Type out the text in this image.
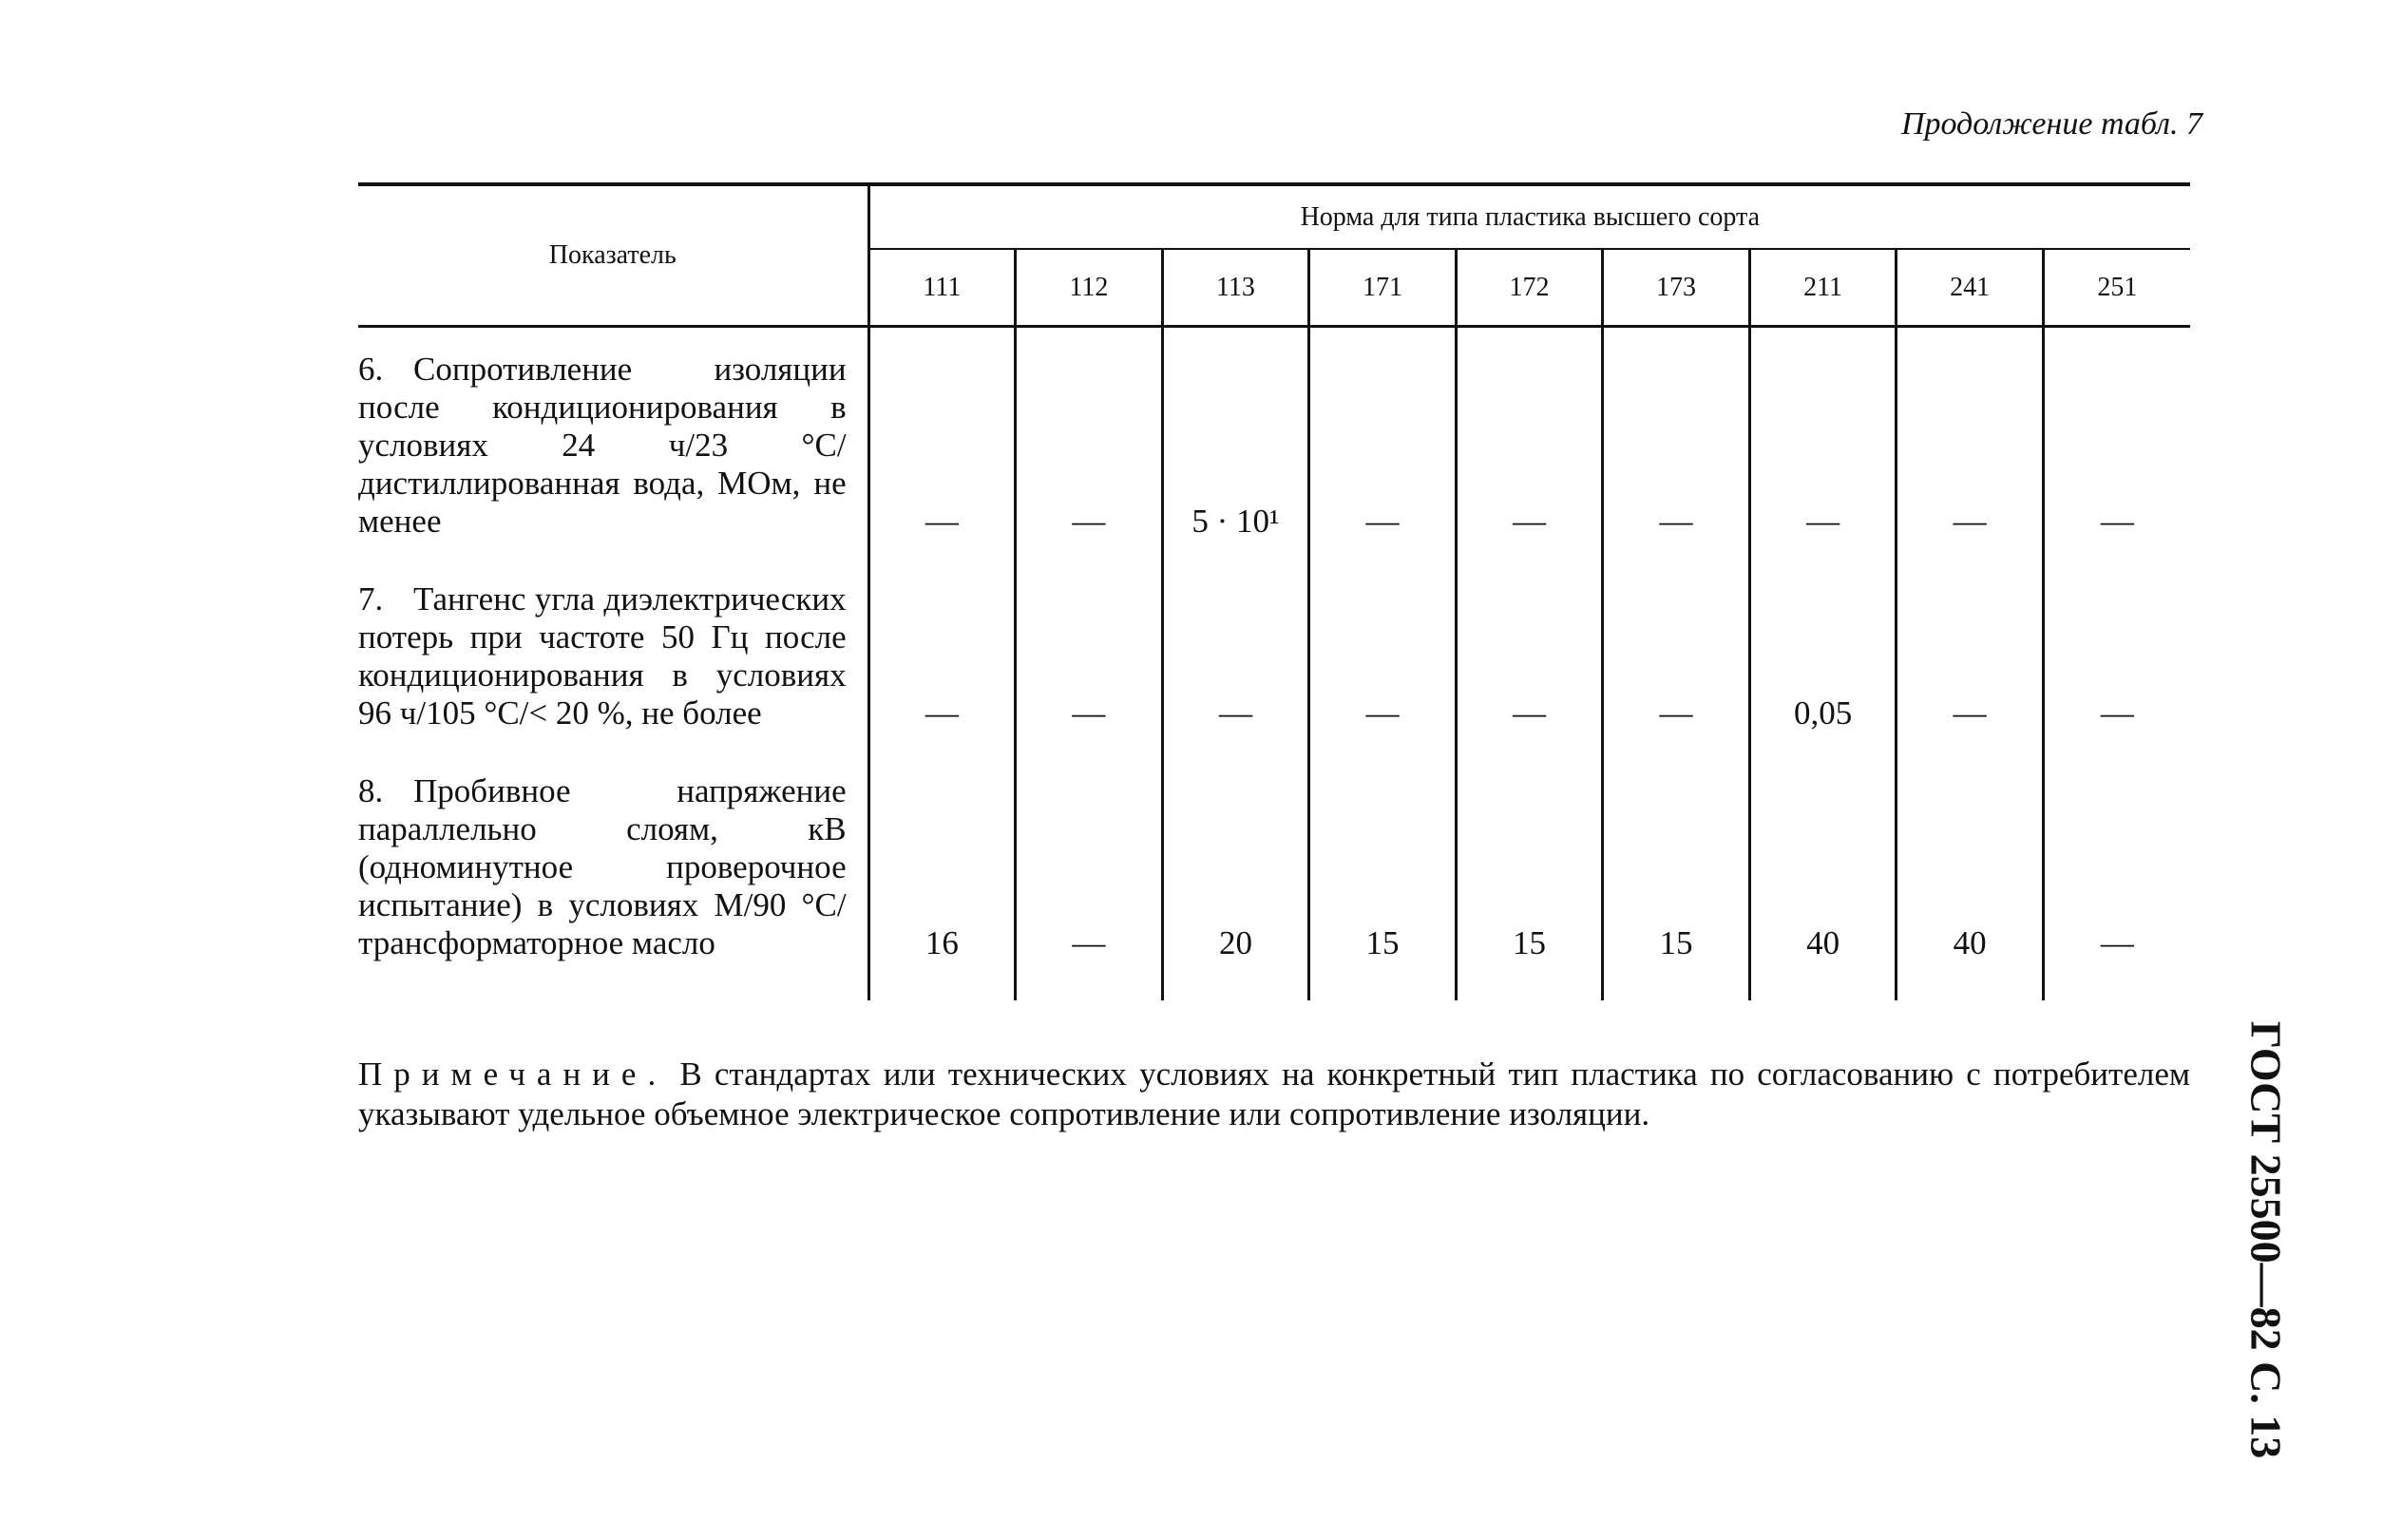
Продолжение табл. 7
Показатель	Норма для типа пластика высшего сорта								
	111	112	113	171	172	173	211	241	251
6. Сопротивление изоляции после кондиционирования в условиях 24 ч/23 °С/дистиллированная вода, МОм, не менее	—	—	5 · 10¹	—	—	—	—	—	—
7. Тангенс угла диэлектрических потерь при частоте 50 Гц после кондиционирования в условиях 96 ч/105 °С/< 20 %, не более	—	—	—	—	—	—	0,05	—	—
8. Пробивное напряжение параллельно слоям, кВ (одноминутное проверочное испытание) в условиях М/90 °С/трансформаторное масло	16	—	20	15	15	15	40	40	—
Примечание. В стандартах или технических условиях на конкретный тип пластика по согласованию с потребителем указывают удельное объемное электрическое сопротивление или сопротивление изоляции.	ГОСТ 25500—82 С. 13
